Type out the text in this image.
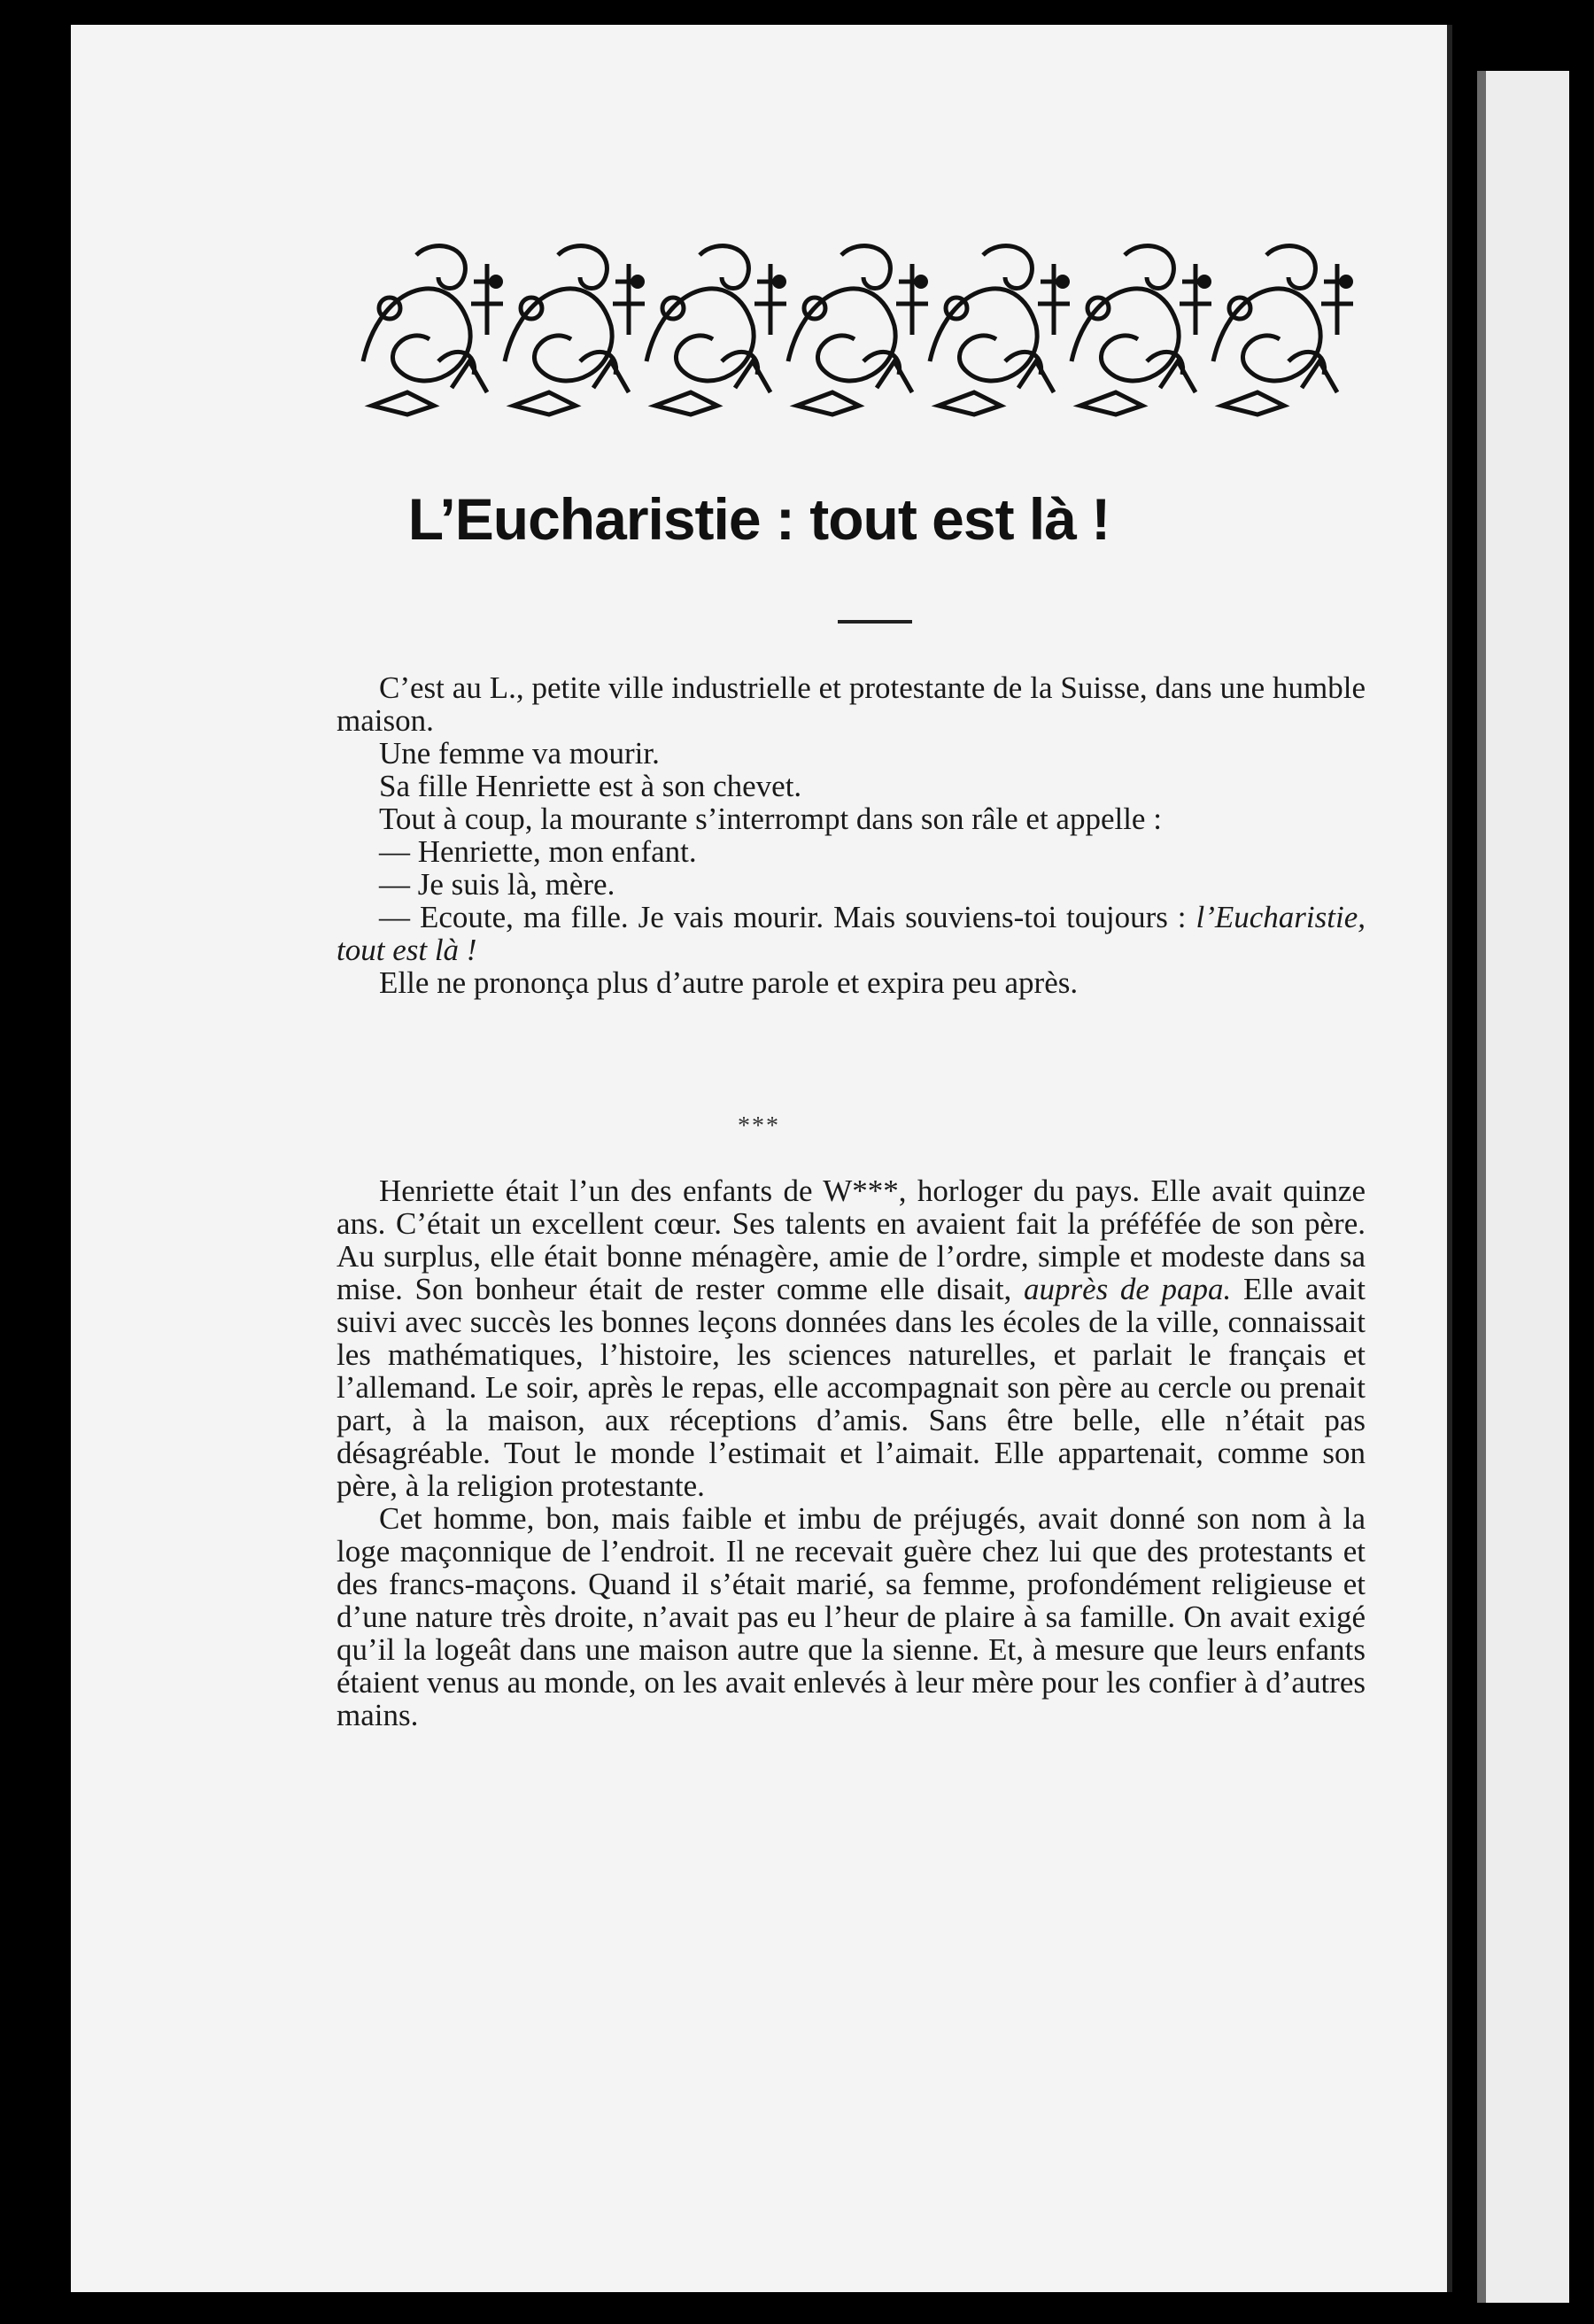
L’Eucharistie : tout est là !

C’est au L., petite ville industrielle et protestante de la Suisse, dans une humble maison.

Une femme va mourir.

Sa fille Henriette est à son chevet.

Tout à coup, la mourante s’interrompt dans son râle et appelle :

— Henriette, mon enfant.

— Je suis là, mère.

— Ecoute, ma fille. Je vais mourir. Mais souviens-toi toujours : l’Eucharistie, tout est là !

Elle ne prononça plus d’autre parole et expira peu après.

***

Henriette était l’un des enfants de W***, horloger du pays. Elle avait quinze ans. C’était un excellent cœur. Ses talents en avaient fait la préféfée de son père. Au surplus, elle était bonne ménagère, amie de l’ordre, simple et modeste dans sa mise. Son bonheur était de rester comme elle disait, auprès de papa. Elle avait suivi avec succès les bonnes leçons données dans les écoles de la ville, connaissait les mathématiques, l’histoire, les sciences naturelles, et parlait le français et l’allemand. Le soir, après le repas, elle accompagnait son père au cercle ou prenait part, à la maison, aux réceptions d’amis. Sans être belle, elle n’était pas désagréable. Tout le monde l’estimait et l’aimait. Elle appartenait, comme son père, à la religion protestante.

Cet homme, bon, mais faible et imbu de préjugés, avait donné son nom à la loge maçonnique de l’endroit. Il ne recevait guère chez lui que des protestants et des francs-maçons. Quand il s’était marié, sa femme, profondément religieuse et d’une nature très droite, n’avait pas eu l’heur de plaire à sa famille. On avait exigé qu’il la logeât dans une maison autre que la sienne. Et, à mesure que leurs enfants étaient venus au monde, on les avait enlevés à leur mère pour les confier à d’autres mains.
